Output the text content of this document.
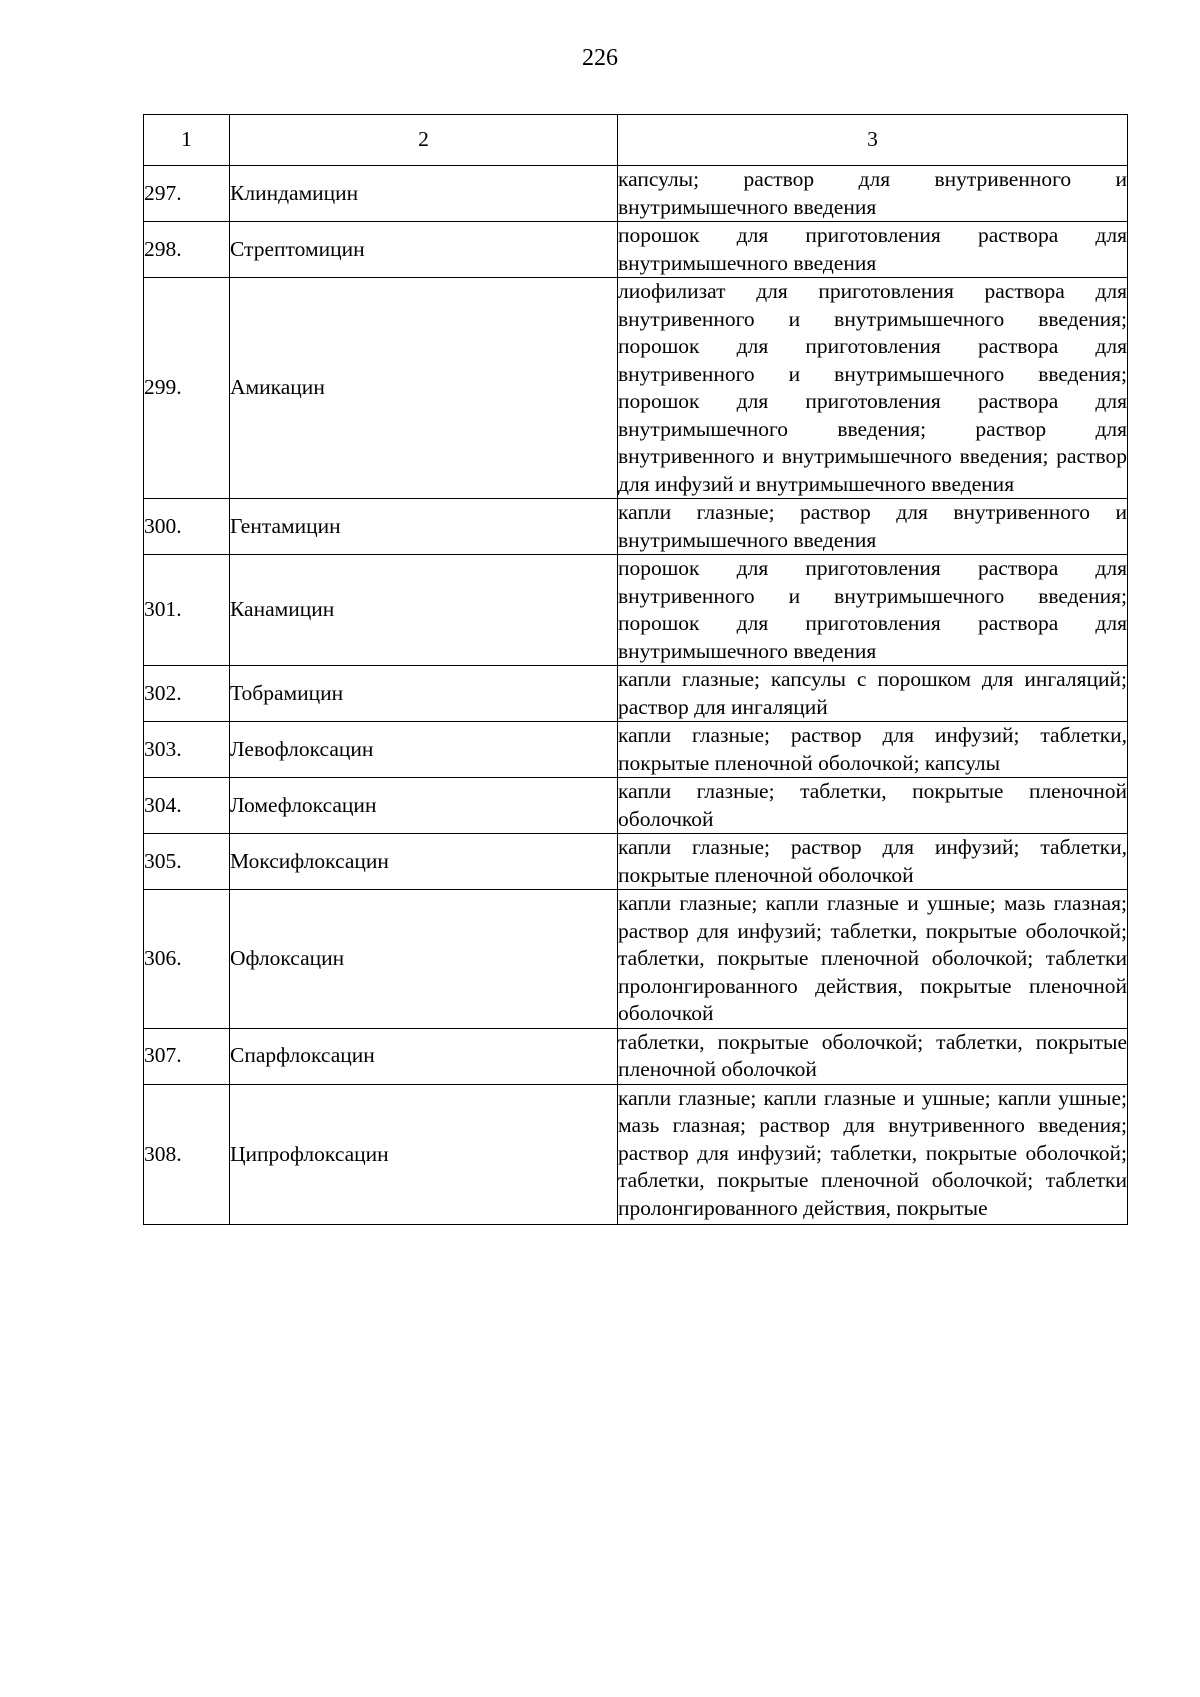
226
1	2	3
297.	Клиндамицин	капсулы; раствор для внутривенного и внутримышечного введения
298.	Стрептомицин	порошок для приготовления раствора для внутримышечного введения
299.	Амикацин	лиофилизат для приготовления раствора для внутривенного и внутримышечного введения; порошок для приготовления раствора для внутривенного и внутримышечного введения; порошок для приготовления раствора для внутримышечного введения; раствор для внутривенного и внутримышечного введения; раствор для инфузий и внутримышечного введения
300.	Гентамицин	капли глазные; раствор для внутривенного и внутримышечного введения
301.	Канамицин	порошок для приготовления раствора для внутривенного и внутримышечного введения; порошок для приготовления раствора для внутримышечного введения
302.	Тобрамицин	капли глазные; капсулы с порошком для ингаляций; раствор для ингаляций
303.	Левофлоксацин	капли глазные; раствор для инфузий; таблетки, покрытые пленочной оболочкой; капсулы
304.	Ломефлоксацин	капли глазные; таблетки, покрытые пленочной оболочкой
305.	Моксифлоксацин	капли глазные; раствор для инфузий; таблетки, покрытые пленочной оболочкой
306.	Офлоксацин	капли глазные; капли глазные и ушные; мазь глазная; раствор для инфузий; таблетки, покрытые оболочкой; таблетки, покрытые пленочной оболочкой; таблетки пролонгированного действия, покрытые пленочной оболочкой
307.	Спарфлоксацин	таблетки, покрытые оболочкой; таблетки, покрытые пленочной оболочкой
308.	Ципрофлоксацин	капли глазные; капли глазные и ушные; капли ушные; мазь глазная; раствор для внутривенного введения; раствор для инфузий; таблетки, покрытые оболочкой; таблетки, покрытые пленочной оболочкой; таблетки пролонгированного действия, покрытые
